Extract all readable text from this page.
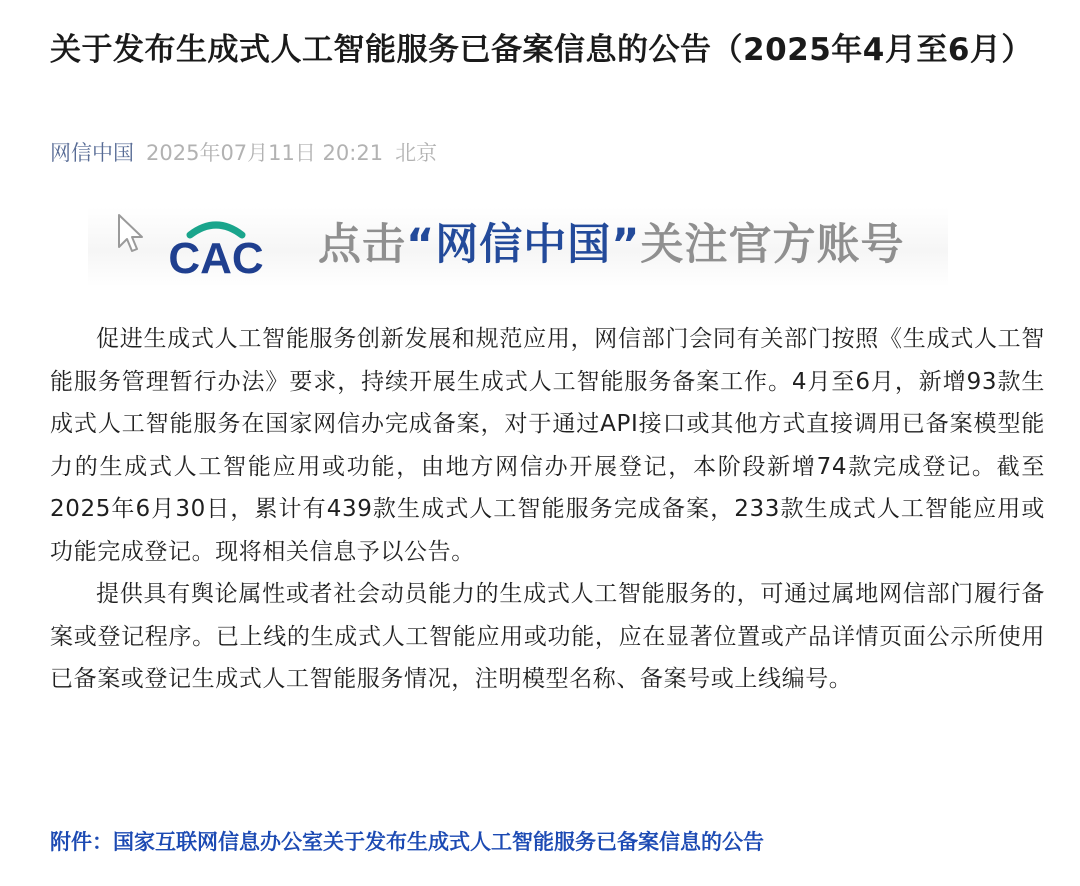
关于发布生成式人工智能服务已备案信息的公告（2025年4月至6月）
网信中国 2025年07月11日 20:21 北京

促进生成式人工智能服务创新发展和规范应用，网信部门会同有关部门按照《生成式人工智能服务管理暂行办法》要求，持续开展生成式人工智能服务备案工作。4月至6月，新增93款生成式人工智能服务在国家网信办完成备案，对于通过API接口或其他方式直接调用已备案模型能力的生成式人工智能应用或功能，由地方网信办开展登记，本阶段新增74款完成登记。截至2025年6月30日，累计有439款生成式人工智能服务完成备案，233款生成式人工智能应用或功能完成登记。现将相关信息予以公告。

提供具有舆论属性或者社会动员能力的生成式人工智能服务的，可通过属地网信部门履行备案或登记程序。已上线的生成式人工智能应用或功能，应在显著位置或产品详情页面公示所使用已备案或登记生成式人工智能服务情况，注明模型名称、备案号或上线编号。

CAC 点击“网信中国”关注官方账号
附件：国家互联网信息办公室关于发布生成式人工智能服务已备案信息的公告
